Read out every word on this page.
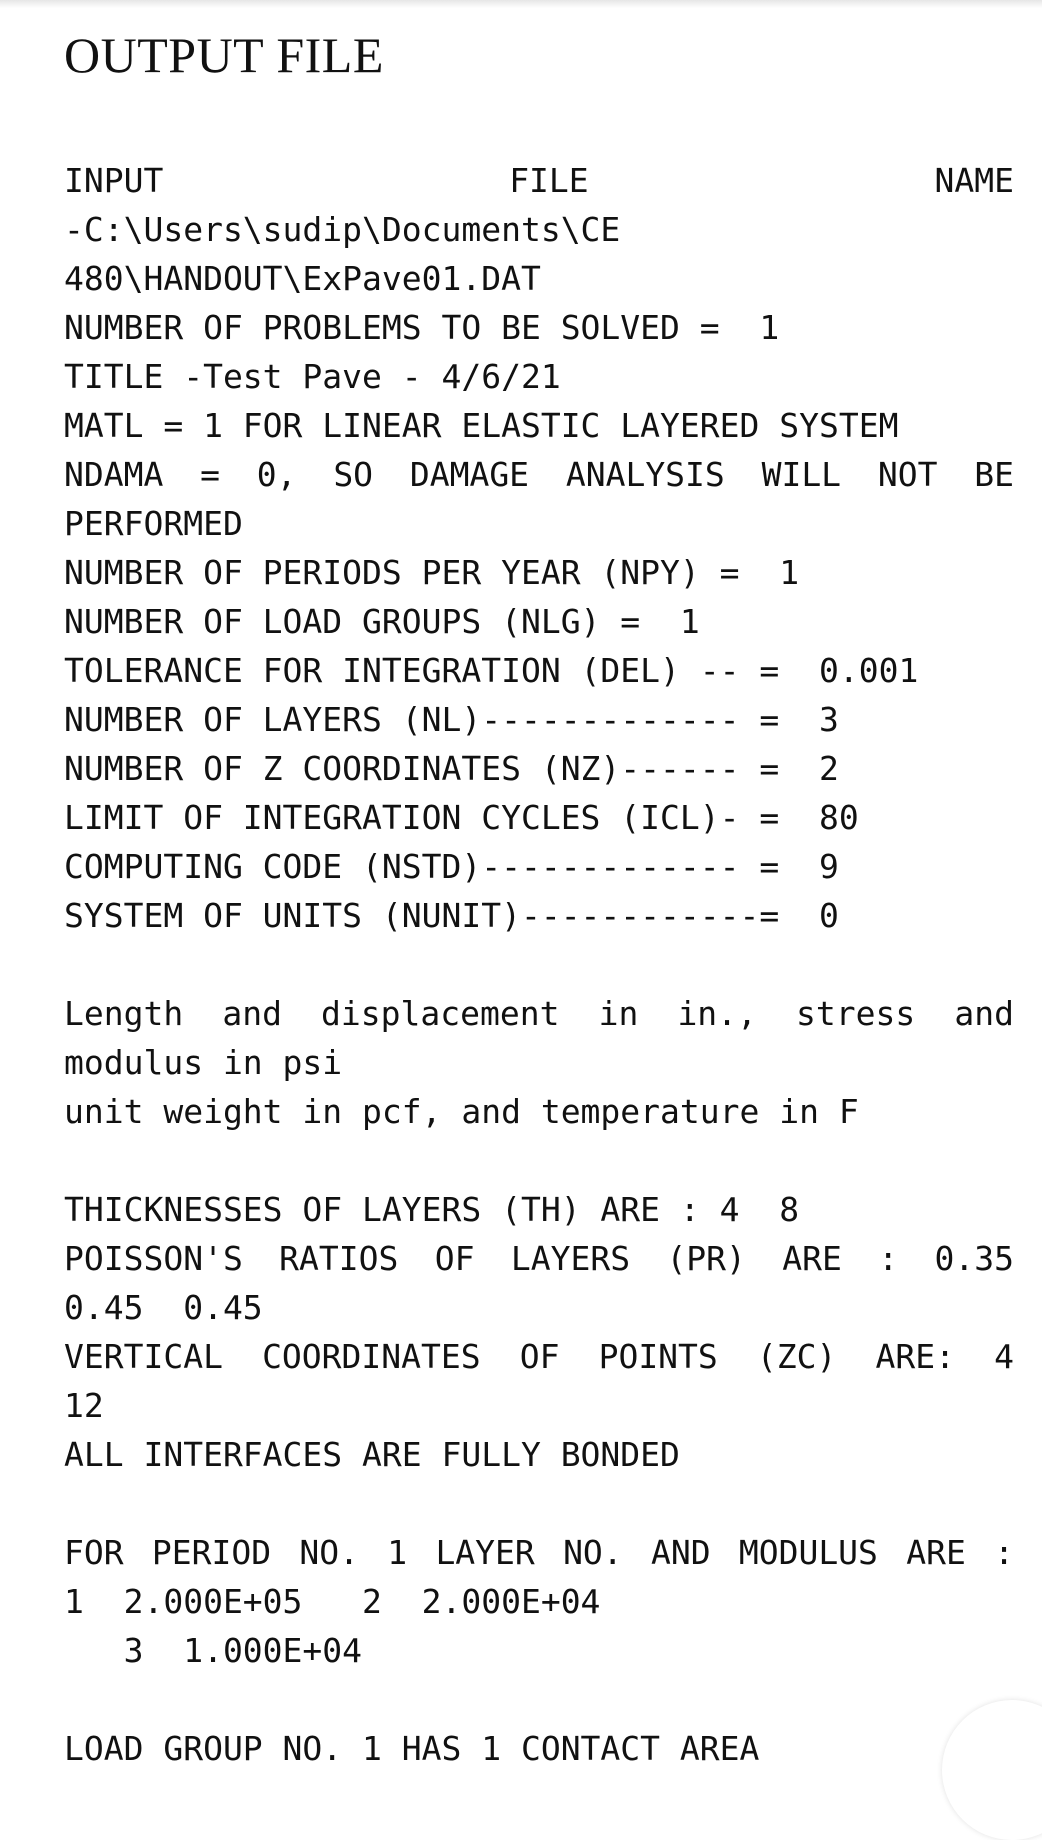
OUTPUT FILE
INPUT	FILE	NAME
-C:\Users\sudip\Documents\CE
480\HANDOUT\ExPave01.DAT
NUMBER OF PROBLEMS TO BE SOLVED =  1
TITLE -Test Pave - 4/6/21
MATL = 1 FOR LINEAR ELASTIC LAYERED SYSTEM
NDAMA = 0, SO DAMAGE ANALYSIS WILL NOT BE
PERFORMED
NUMBER OF PERIODS PER YEAR (NPY) =  1
NUMBER OF LOAD GROUPS (NLG) =  1
TOLERANCE FOR INTEGRATION (DEL) -- =  0.001
NUMBER OF LAYERS (NL)------------- =  3
NUMBER OF Z COORDINATES (NZ)------ =  2
LIMIT OF INTEGRATION CYCLES (ICL)- =  80
COMPUTING CODE (NSTD)------------- =  9
SYSTEM OF UNITS (NUNIT)------------=  0
Length and displacement in in., stress and
modulus in psi
unit weight in pcf, and temperature in F
THICKNESSES OF LAYERS (TH) ARE : 4  8
POISSON'S RATIOS OF LAYERS (PR) ARE : 0.35
0.45  0.45
VERTICAL COORDINATES OF POINTS (ZC) ARE: 4
12
ALL INTERFACES ARE FULLY BONDED
FOR PERIOD NO. 1 LAYER NO. AND MODULUS ARE :
1  2.000E+05   2  2.000E+04
3  1.000E+04
LOAD GROUP NO. 1 HAS 1 CONTACT AREA
